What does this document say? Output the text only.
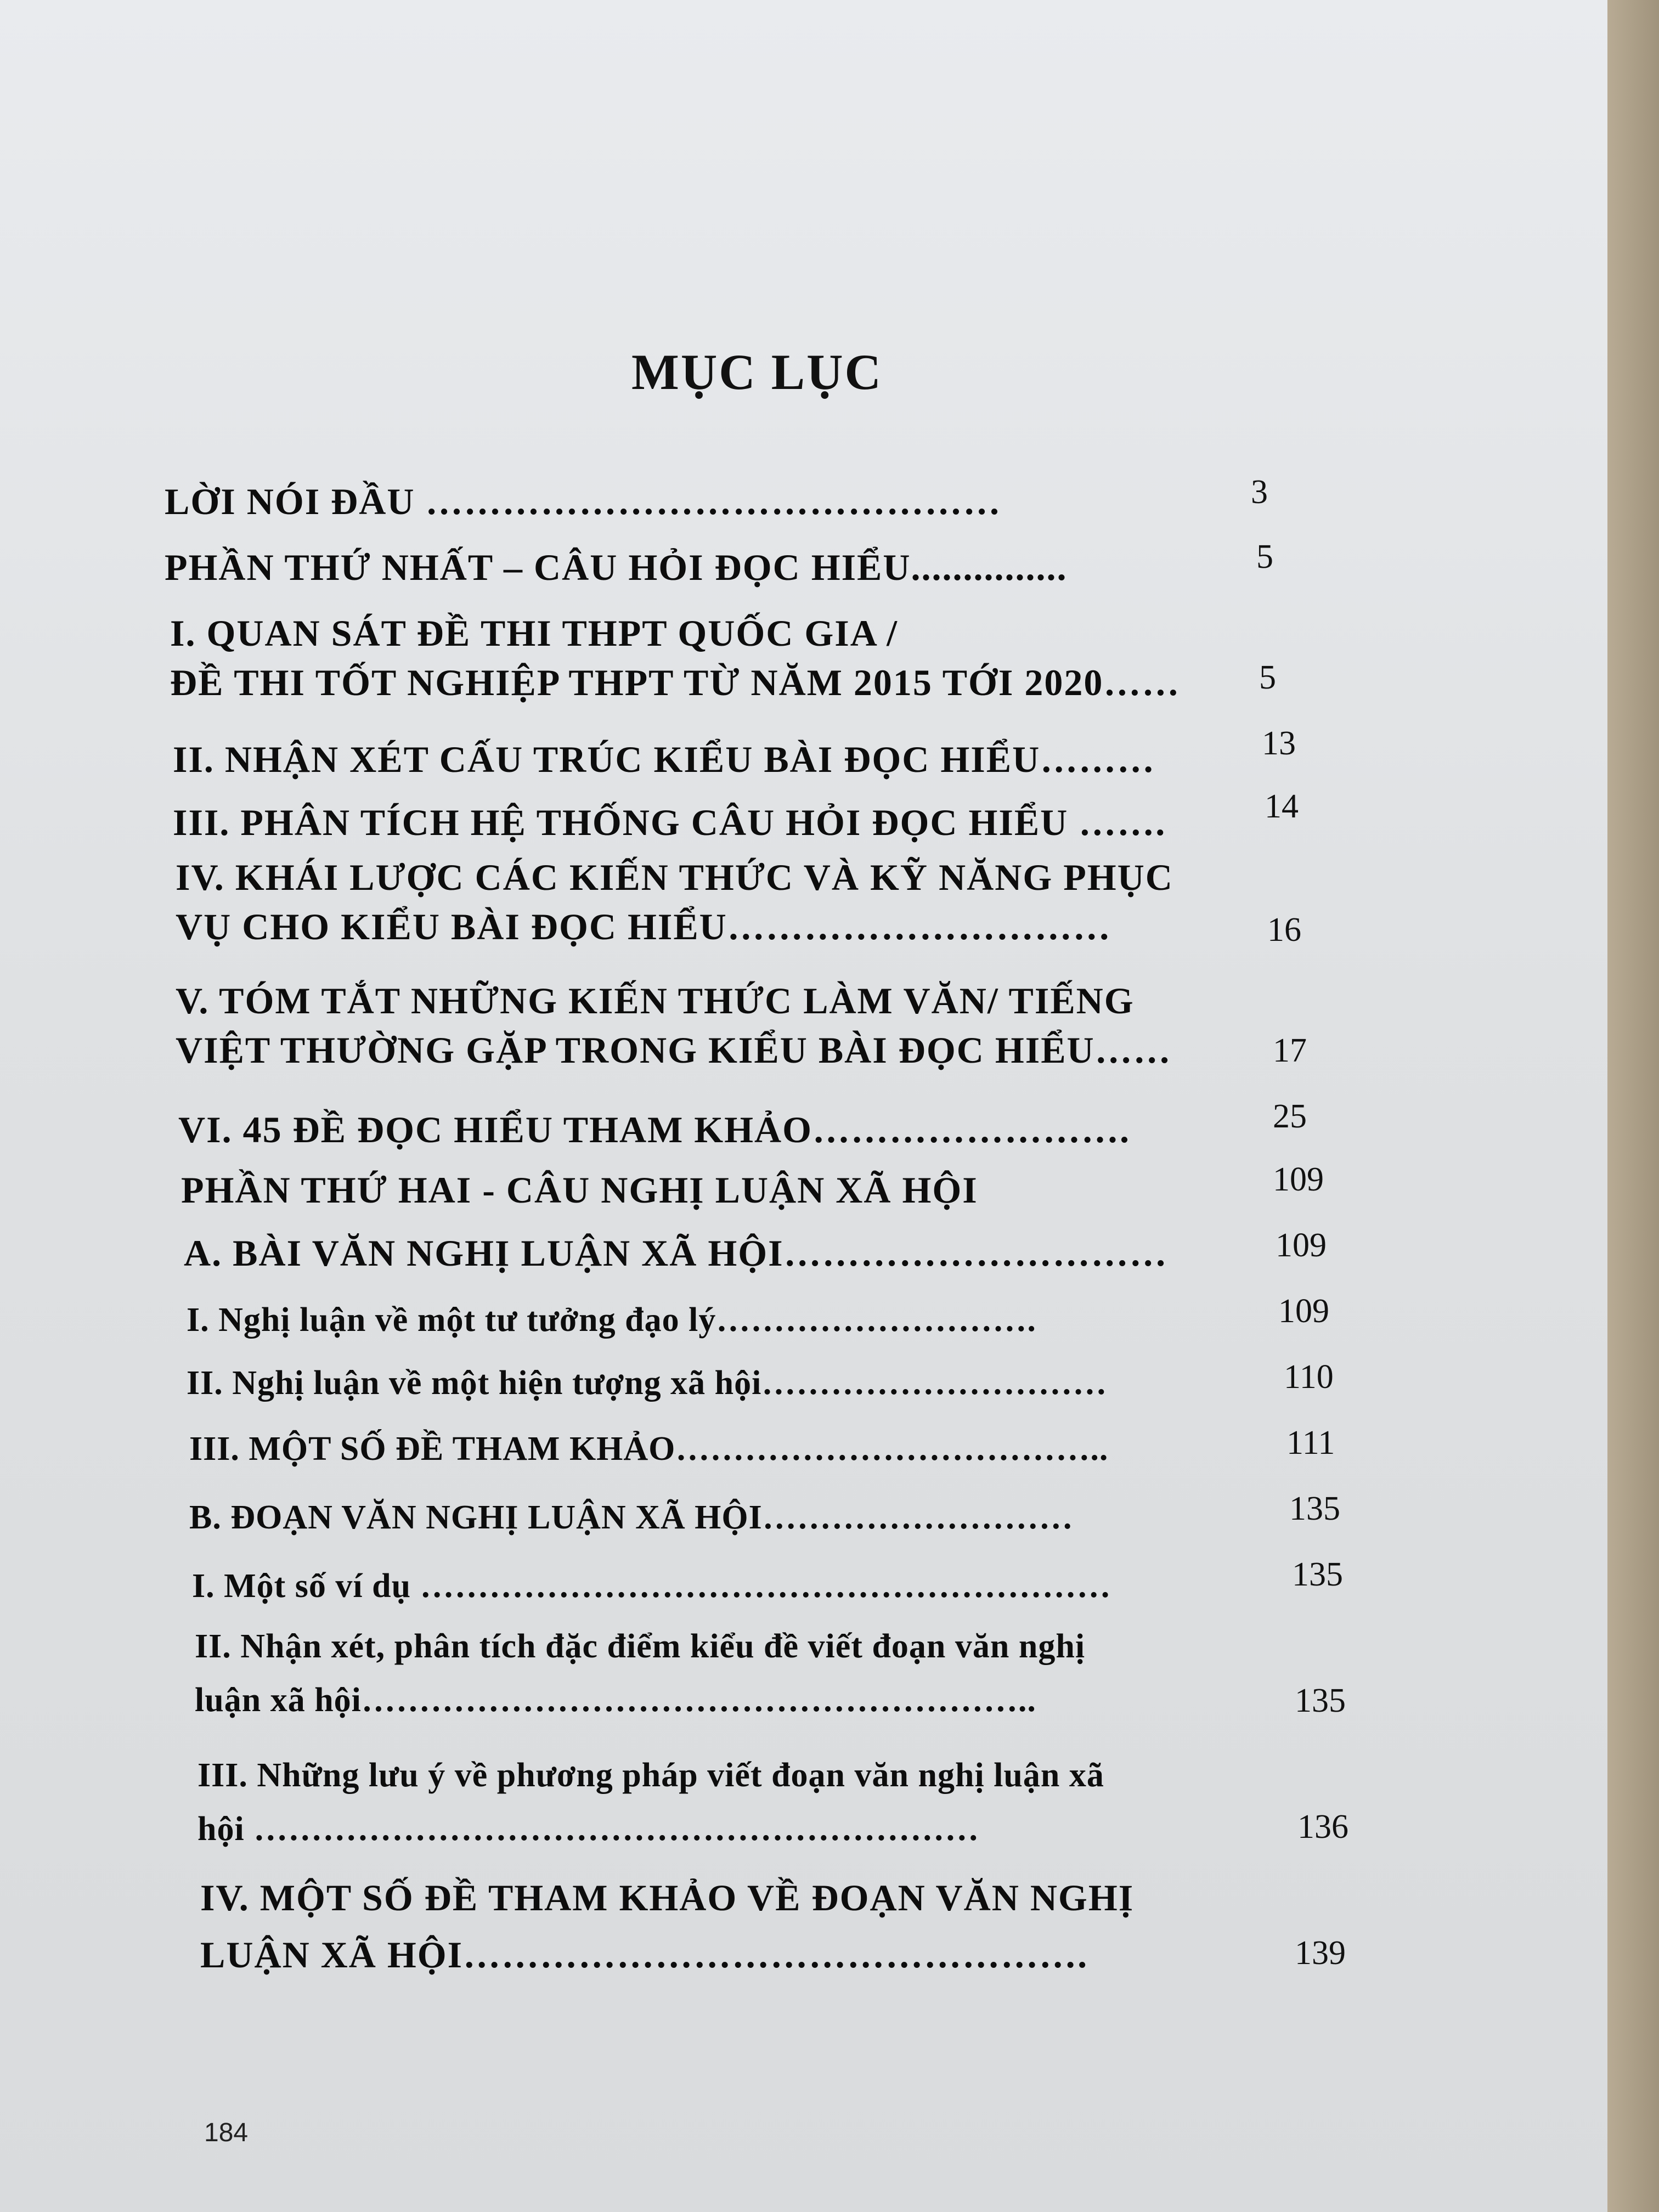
MỤC LỤC
LỜI NÓI ĐẦU ………………………………………	3
PHẦN THỨ NHẤT – CÂU HỎI ĐỌC HIỂU...............	5
I. QUAN SÁT ĐỀ THI THPT QUỐC GIA /
ĐỀ THI TỐT NGHIỆP THPT TỪ NĂM 2015 TỚI 2020…… 5
II. NHẬN XÉT CẤU TRÚC KIỂU BÀI ĐỌC HIỂU………	13
III. PHÂN TÍCH HỆ THỐNG CÂU HỎI ĐỌC HIỂU …….	14
IV. KHÁI LƯỢC CÁC KIẾN THỨC VÀ KỸ NĂNG PHỤC
VỤ CHO KIỂU BÀI ĐỌC HIỂU…………………………	16
V. TÓM TẮT NHỮNG KIẾN THỨC LÀM VĂN/ TIẾNG
VIỆT THƯỜNG GẶP TRONG KIỂU BÀI ĐỌC HIỂU……	17
VI. 45 ĐỀ ĐỌC HIỂU THAM KHẢO…………………….	25
PHẦN THỨ HAI - CÂU NGHỊ LUẬN XÃ HỘI	109
A. BÀI VĂN NGHỊ LUẬN XÃ HỘI…………………………	109
I. Nghị luận về một tư tưởng đạo lý……………………….	109
II. Nghị luận về một hiện tượng xã hội…………………………	110
III. MỘT SỐ ĐỀ THAM KHẢO………………………………..	111
B. ĐOẠN VĂN NGHỊ LUẬN XÃ HỘI………………………	135
I. Một số ví dụ ……………………………………………………	135
II. Nhận xét, phân tích đặc điểm kiểu đề viết đoạn văn nghị
luận xã hội…………………………………………………..	135
III. Những lưu ý về phương pháp viết đoạn văn nghị luận xã
hội ………………………………………………………	136
IV. MỘT SỐ ĐỀ THAM KHẢO VỀ ĐOẠN VĂN NGHỊ
LUẬN XÃ HỘI………………………………………….	139
184
